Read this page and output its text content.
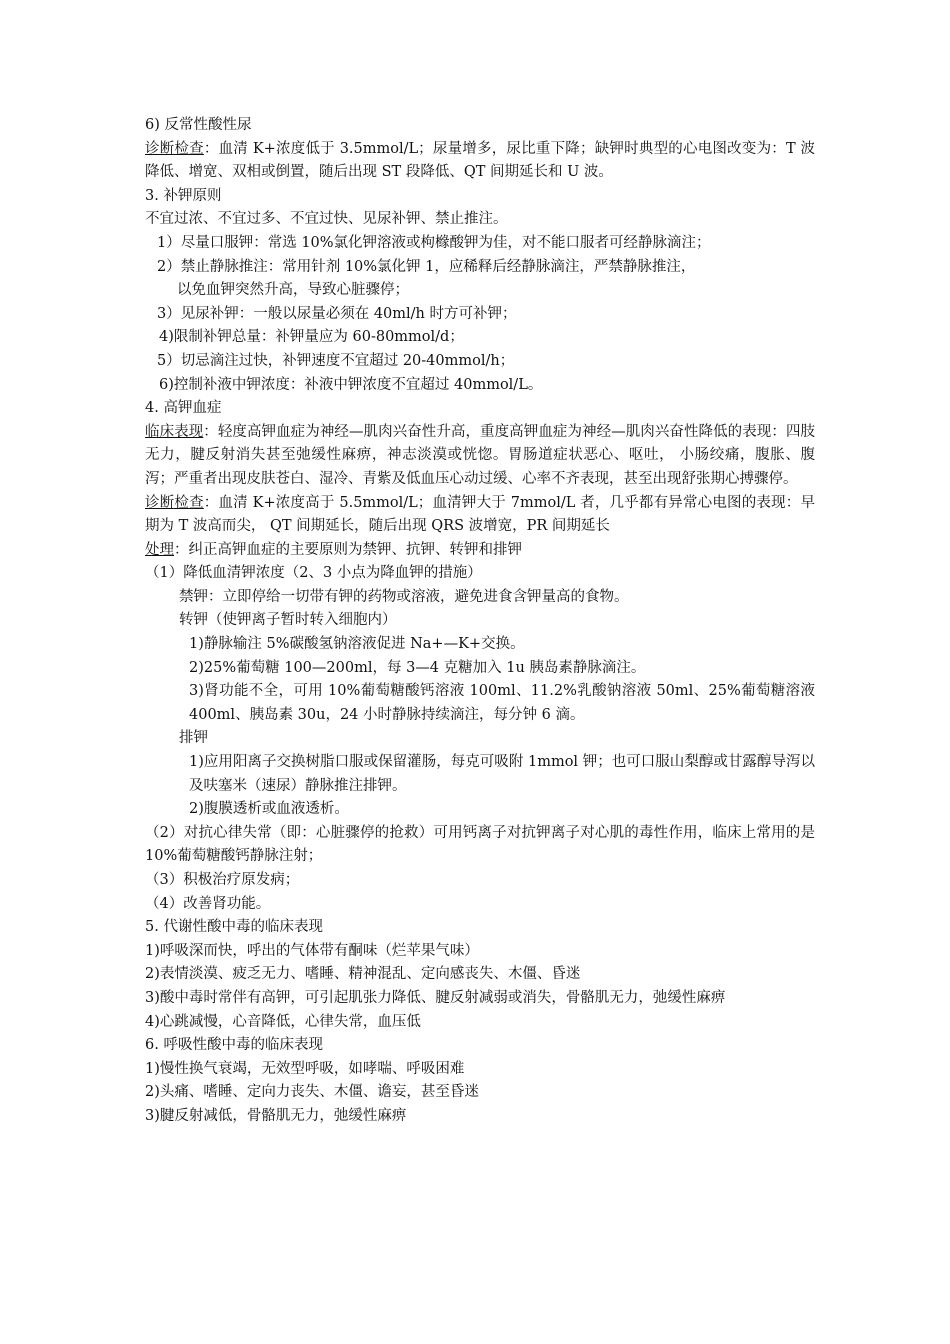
6) 反常性酸性尿
诊断检查：血清 K+浓度低于 3.5mmol/L；尿量增多，尿比重下降；缺钾时典型的心电图改变为：T 波降低、增宽、双相或倒置，随后出现 ST 段降低、QT 间期延长和 U 波。
3. 补钾原则
不宜过浓、不宜过多、不宜过快、见尿补钾、禁止推注。
1）尽量口服钾：常选 10%氯化钾溶液或枸橼酸钾为佳，对不能口服者可经静脉滴注；
2）禁止静脉推注：常用针剂 10%氯化钾 1，应稀释后经静脉滴注，严禁静脉推注，
以免血钾突然升高，导致心脏骤停；
3）见尿补钾：一般以尿量必须在 40ml/h 时方可补钾；
4)限制补钾总量：补钾量应为 60-80mmol/d；
5）切忌滴注过快，补钾速度不宜超过 20-40mmol/h；
6)控制补液中钾浓度：补液中钾浓度不宜超过 40mmol/L。
4. 高钾血症
临床表现：轻度高钾血症为神经—肌肉兴奋性升高，重度高钾血症为神经—肌肉兴奋性降低的表现：四肢无力，腱反射消失甚至弛缓性麻痹，神志淡漠或恍惚。胃肠道症状恶心、呕吐， 小肠绞痛，腹胀、腹泻；严重者出现皮肤苍白、湿冷、青紫及低血压心动过缓、心率不齐表现，甚至出现舒张期心搏骤停。
诊断检查：血清 K+浓度高于 5.5mmol/L；血清钾大于 7mmol/L 者，几乎都有异常心电图的表现：早期为 T 波高而尖， QT 间期延长，随后出现 QRS 波增宽，PR 间期延长
处理：纠正高钾血症的主要原则为禁钾、抗钾、转钾和排钾
（1）降低血清钾浓度（2、3 小点为降血钾的措施）
禁钾：立即停给一切带有钾的药物或溶液，避免进食含钾量高的食物。
转钾（使钾离子暂时转入细胞内）
1)静脉输注 5%碳酸氢钠溶液促进 Na+—K+交换。
2)25%葡萄糖 100—200ml，每 3—4 克糖加入 1u 胰岛素静脉滴注。
3)肾功能不全，可用 10%葡萄糖酸钙溶液 100ml、11.2%乳酸钠溶液 50ml、25%葡萄糖溶液 400ml、胰岛素 30u，24 小时静脉持续滴注，每分钟 6 滴。
排钾
1)应用阳离子交换树脂口服或保留灌肠，每克可吸附 1mmol 钾；也可口服山梨醇或甘露醇导泻以及呋塞米（速尿）静脉推注排钾。
2)腹膜透析或血液透析。
（2）对抗心律失常（即：心脏骤停的抢救）可用钙离子对抗钾离子对心肌的毒性作用，临床上常用的是 10%葡萄糖酸钙静脉注射；
（3）积极治疗原发病；
（4）改善肾功能。
5. 代谢性酸中毒的临床表现
1)呼吸深而快，呼出的气体带有酮味（烂苹果气味）
2)表情淡漠、疲乏无力、嗜睡、精神混乱、定向感丧失、木僵、昏迷
3)酸中毒时常伴有高钾，可引起肌张力降低、腱反射减弱或消失，骨骼肌无力，弛缓性麻痹
4)心跳减慢，心音降低，心律失常，血压低
6. 呼吸性酸中毒的临床表现
1)慢性换气衰竭，无效型呼吸，如哮喘、呼吸困难
2)头痛、嗜睡、定向力丧失、木僵、谵妄，甚至昏迷
3)腱反射减低，骨骼肌无力，弛缓性麻痹
